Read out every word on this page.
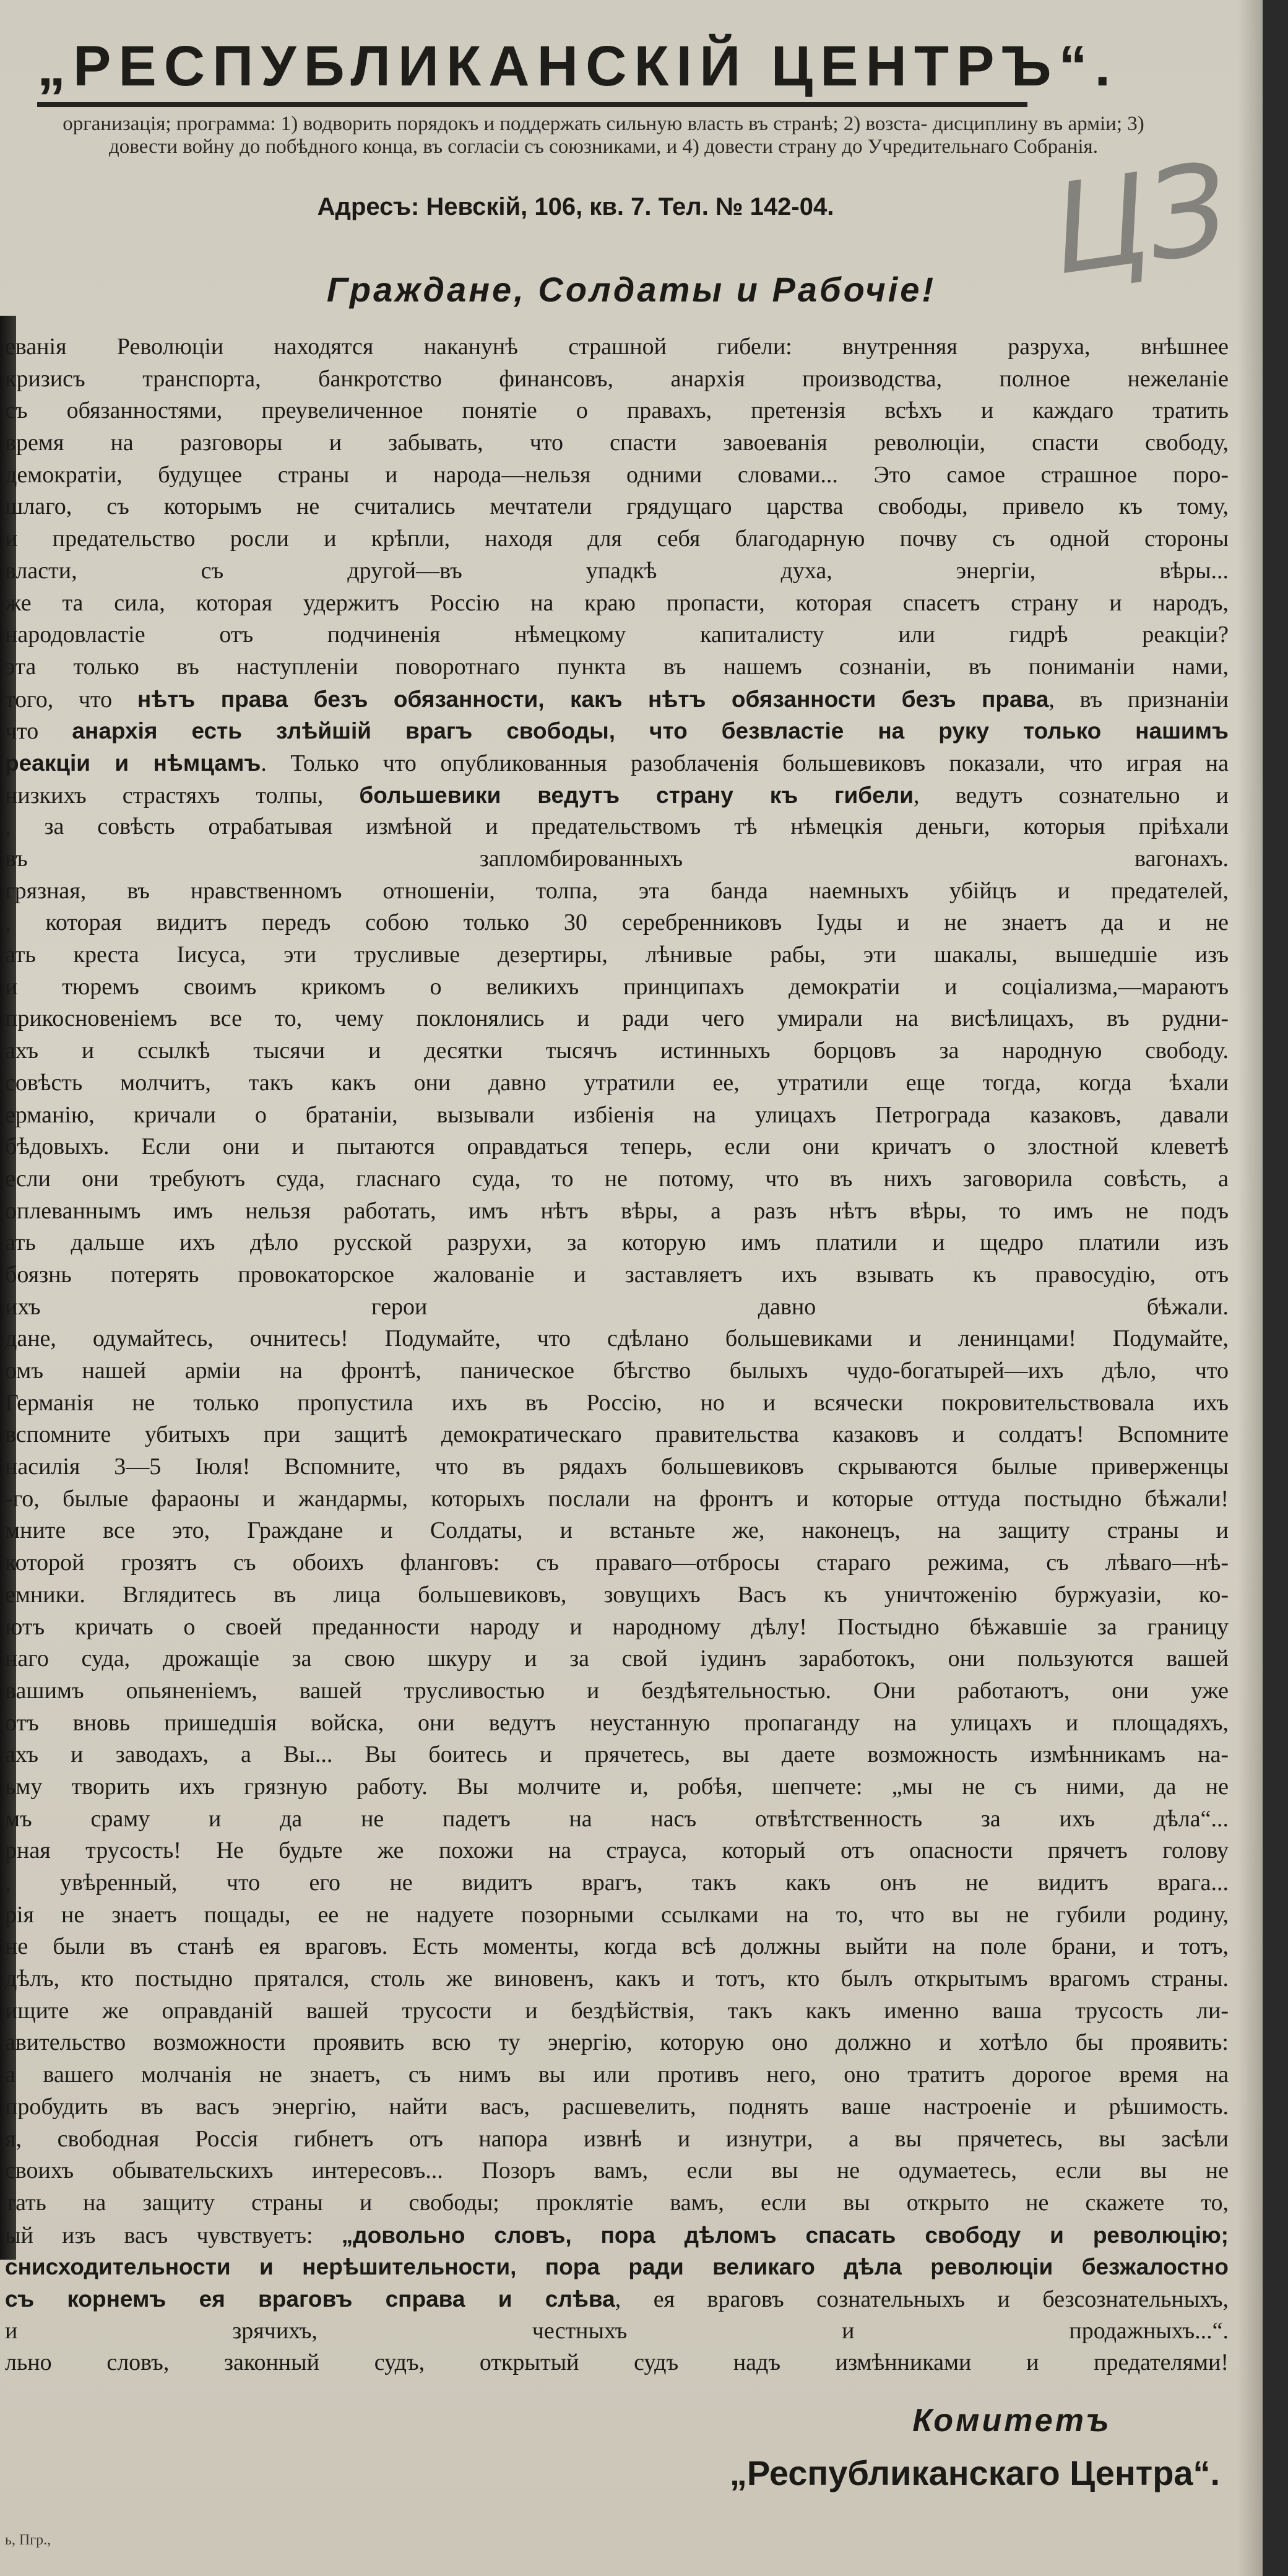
„РЕСПУБЛИКАНСКІЙ ЦЕНТРЪ“.
организація; программа: 1) водворить порядокъ и поддержать сильную власть въ странѣ; 2) возста- дисциплину въ арміи; 3) довести войну до побѣдного конца, въ согласіи съ союзниками, и 4) довести страну до Учредительнаго Собранія.
Адресъ: Невскій, 106, кв. 7. Тел. № 142-04.	ЦЗ
Граждане, Солдаты и Рабочіе!
еванія Революціи находятся наканунѣ страшной гибели: внутренняя разруха, внѣшнее
кризисъ транспорта, банкротство финансовъ, анархія производства, полное нежеланіе
съ обязанностями, преувеличенное понятіе о правахъ, претензія всѣхъ и каждаго тратить
время на разговоры и забывать, что спасти завоеванія революціи, спасти свободу,
демократіи, будущее страны и народа—нельзя одними словами... Это самое страшное поро-
шлаго, съ которымъ не считались мечтатели грядущаго царства свободы, привело къ тому,
и предательство росли и крѣпли, находя для себя благодарную почву съ одной стороны
власти, съ другой—въ упадкѣ духа, энергіи, вѣры...
же та сила, которая удержитъ Россію на краю пропасти, которая спасетъ страну и народъ,
народовластіе отъ подчиненія нѣмецкому капиталисту или гидрѣ реакціи?
эта только въ наступленіи поворотнаго пункта въ нашемъ сознаніи, въ пониманіи нами,
того, что нѣтъ права безъ обязанности, какъ нѣтъ обязанности безъ права, въ признаніи
что анархія есть злѣйшій врагъ свободы, что безвластіе на руку только нашимъ
реакціи и нѣмцамъ. Только что опубликованныя разоблаченія большевиковъ показали, что играя на
низкихъ страстяхъ толпы, большевики ведутъ страну къ гибели, ведутъ сознательно и
, за совѣсть отрабатывая измѣной и предательствомъ тѣ нѣмецкія деньги, которыя пріѣхали
въ запломбированныхъ вагонахъ.
грязная, въ нравственномъ отношеніи, толпа, эта банда наемныхъ убійцъ и предателей,
, которая видитъ передъ собою только 30 серебренниковъ Іуды и не знаетъ да и не
ать креста Іисуса, эти трусливые дезертиры, лѣнивые рабы, эти шакалы, вышедшіе изъ
и тюремъ своимъ крикомъ о великихъ принципахъ демократіи и соціализма,—мараютъ
прикосновеніемъ все то, чему поклонялись и ради чего умирали на висѣлицахъ, въ рудни-
ахъ и ссылкѣ тысячи и десятки тысячъ истинныхъ борцовъ за народную свободу.
совѣсть молчитъ, такъ какъ они давно утратили ее, утратили еще тогда, когда ѣхали
ерманію, кричали о братаніи, вызывали избіенія на улицахъ Петрограда казаковъ, давали
бѣдовыхъ. Если они и пытаются оправдаться теперь, если они кричатъ о злостной клеветѣ
если они требуютъ суда, гласнаго суда, то не потому, что въ нихъ заговорила совѣсть, а
оплеваннымъ имъ нельзя работать, имъ нѣтъ вѣры, а разъ нѣтъ вѣры, то имъ не подъ
ать дальше ихъ дѣло русской разрухи, за которую имъ платили и щедро платили изъ
боязнь потерять провокаторское жалованіе и заставляетъ ихъ взывать къ правосудію, отъ
ихъ герои давно бѣжали.
дане, одумайтесь, очнитесь! Подумайте, что сдѣлано большевиками и ленинцами! Подумайте,
омъ нашей арміи на фронтѣ, паническое бѣгство былыхъ чудо-богатырей—ихъ дѣло, что
Германія не только пропустила ихъ въ Россію, но и всячески покровительствовала ихъ
вспомните убитыхъ при защитѣ демократическаго правительства казаковъ и солдатъ! Вспомните
насилія 3—5 Іюля! Вспомните, что въ рядахъ большевиковъ скрываются былые приверженцы
-го, былые фараоны и жандармы, которыхъ послали на фронтъ и которые оттуда постыдно бѣжали!
мните все это, Граждане и Солдаты, и встаньте же, наконецъ, на защиту страны и
которой грозятъ съ обоихъ фланговъ: съ праваго—отбросы стараго режима, съ лѣваго—нѣ-
емники. Вглядитесь въ лица большевиковъ, зовущихъ Васъ къ уничтоженію буржуазіи, ко-
ютъ кричать о своей преданности народу и народному дѣлу! Постыдно бѣжавшіе за границу
наго суда, дрожащіе за свою шкуру и за свой іудинъ заработокъ, они пользуются вашей
вашимъ опьяненіемъ, вашей трусливостью и бездѣятельностью. Они работаютъ, они уже
отъ вновь пришедшія войска, они ведутъ неустанную пропаганду на улицахъ и площадяхъ,
ахъ и заводахъ, а Вы... Вы боитесь и прячетесь, вы даете возможность измѣнникамъ на-
ьму творить ихъ грязную работу. Вы молчите и, робѣя, шепчете: „мы не съ ними, да не
мъ сраму и да не падетъ на насъ отвѣтственность за ихъ дѣла“...
рная трусость! Не будьте же похожи на страуса, который отъ опасности прячетъ голову
, увѣренный, что его не видитъ врагъ, такъ какъ онъ не видитъ врага...
рія не знаетъ пощады, ее не надуете позорными ссылками на то, что вы не губили родину,
не были въ станѣ ея враговъ. Есть моменты, когда всѣ должны выйти на поле брани, и тотъ,
дѣлъ, кто постыдно прятался, столь же виновенъ, какъ и тотъ, кто былъ открытымъ врагомъ страны.
ищите же оправданій вашей трусости и бездѣйствія, такъ какъ именно ваша трусость ли-
авительство возможности проявить всю ту энергію, которую оно должно и хотѣло бы проявить:
а вашего молчанія не знаетъ, съ нимъ вы или противъ него, оно тратитъ дорогое время на
пробудить въ васъ энергію, найти васъ, расшевелить, поднять ваше настроеніе и рѣшимость.
я, свободная Россія гибнетъ отъ напора извнѣ и изнутри, а вы прячетесь, вы засѣли
своихъ обывательскихъ интересовъ... Позоръ вамъ, если вы не одумаетесь, если вы не
тать на защиту страны и свободы; проклятіе вамъ, если вы открыто не скажете то,
ый изъ васъ чувствуетъ: „довольно словъ, пора дѣломъ спасать свободу и революцію;
снисходительности и нерѣшительности, пора ради великаго дѣла революціи безжалостно
съ корнемъ ея враговъ справа и слѣва, ея враговъ сознательныхъ и безсознательныхъ,
и зрячихъ, честныхъ и продажныхъ...“.
льно словъ, законный судъ, открытый судъ надъ измѣнниками и предателями!
Комитетъ
„Республиканскаго Центра“.
ь, Пгр.,
